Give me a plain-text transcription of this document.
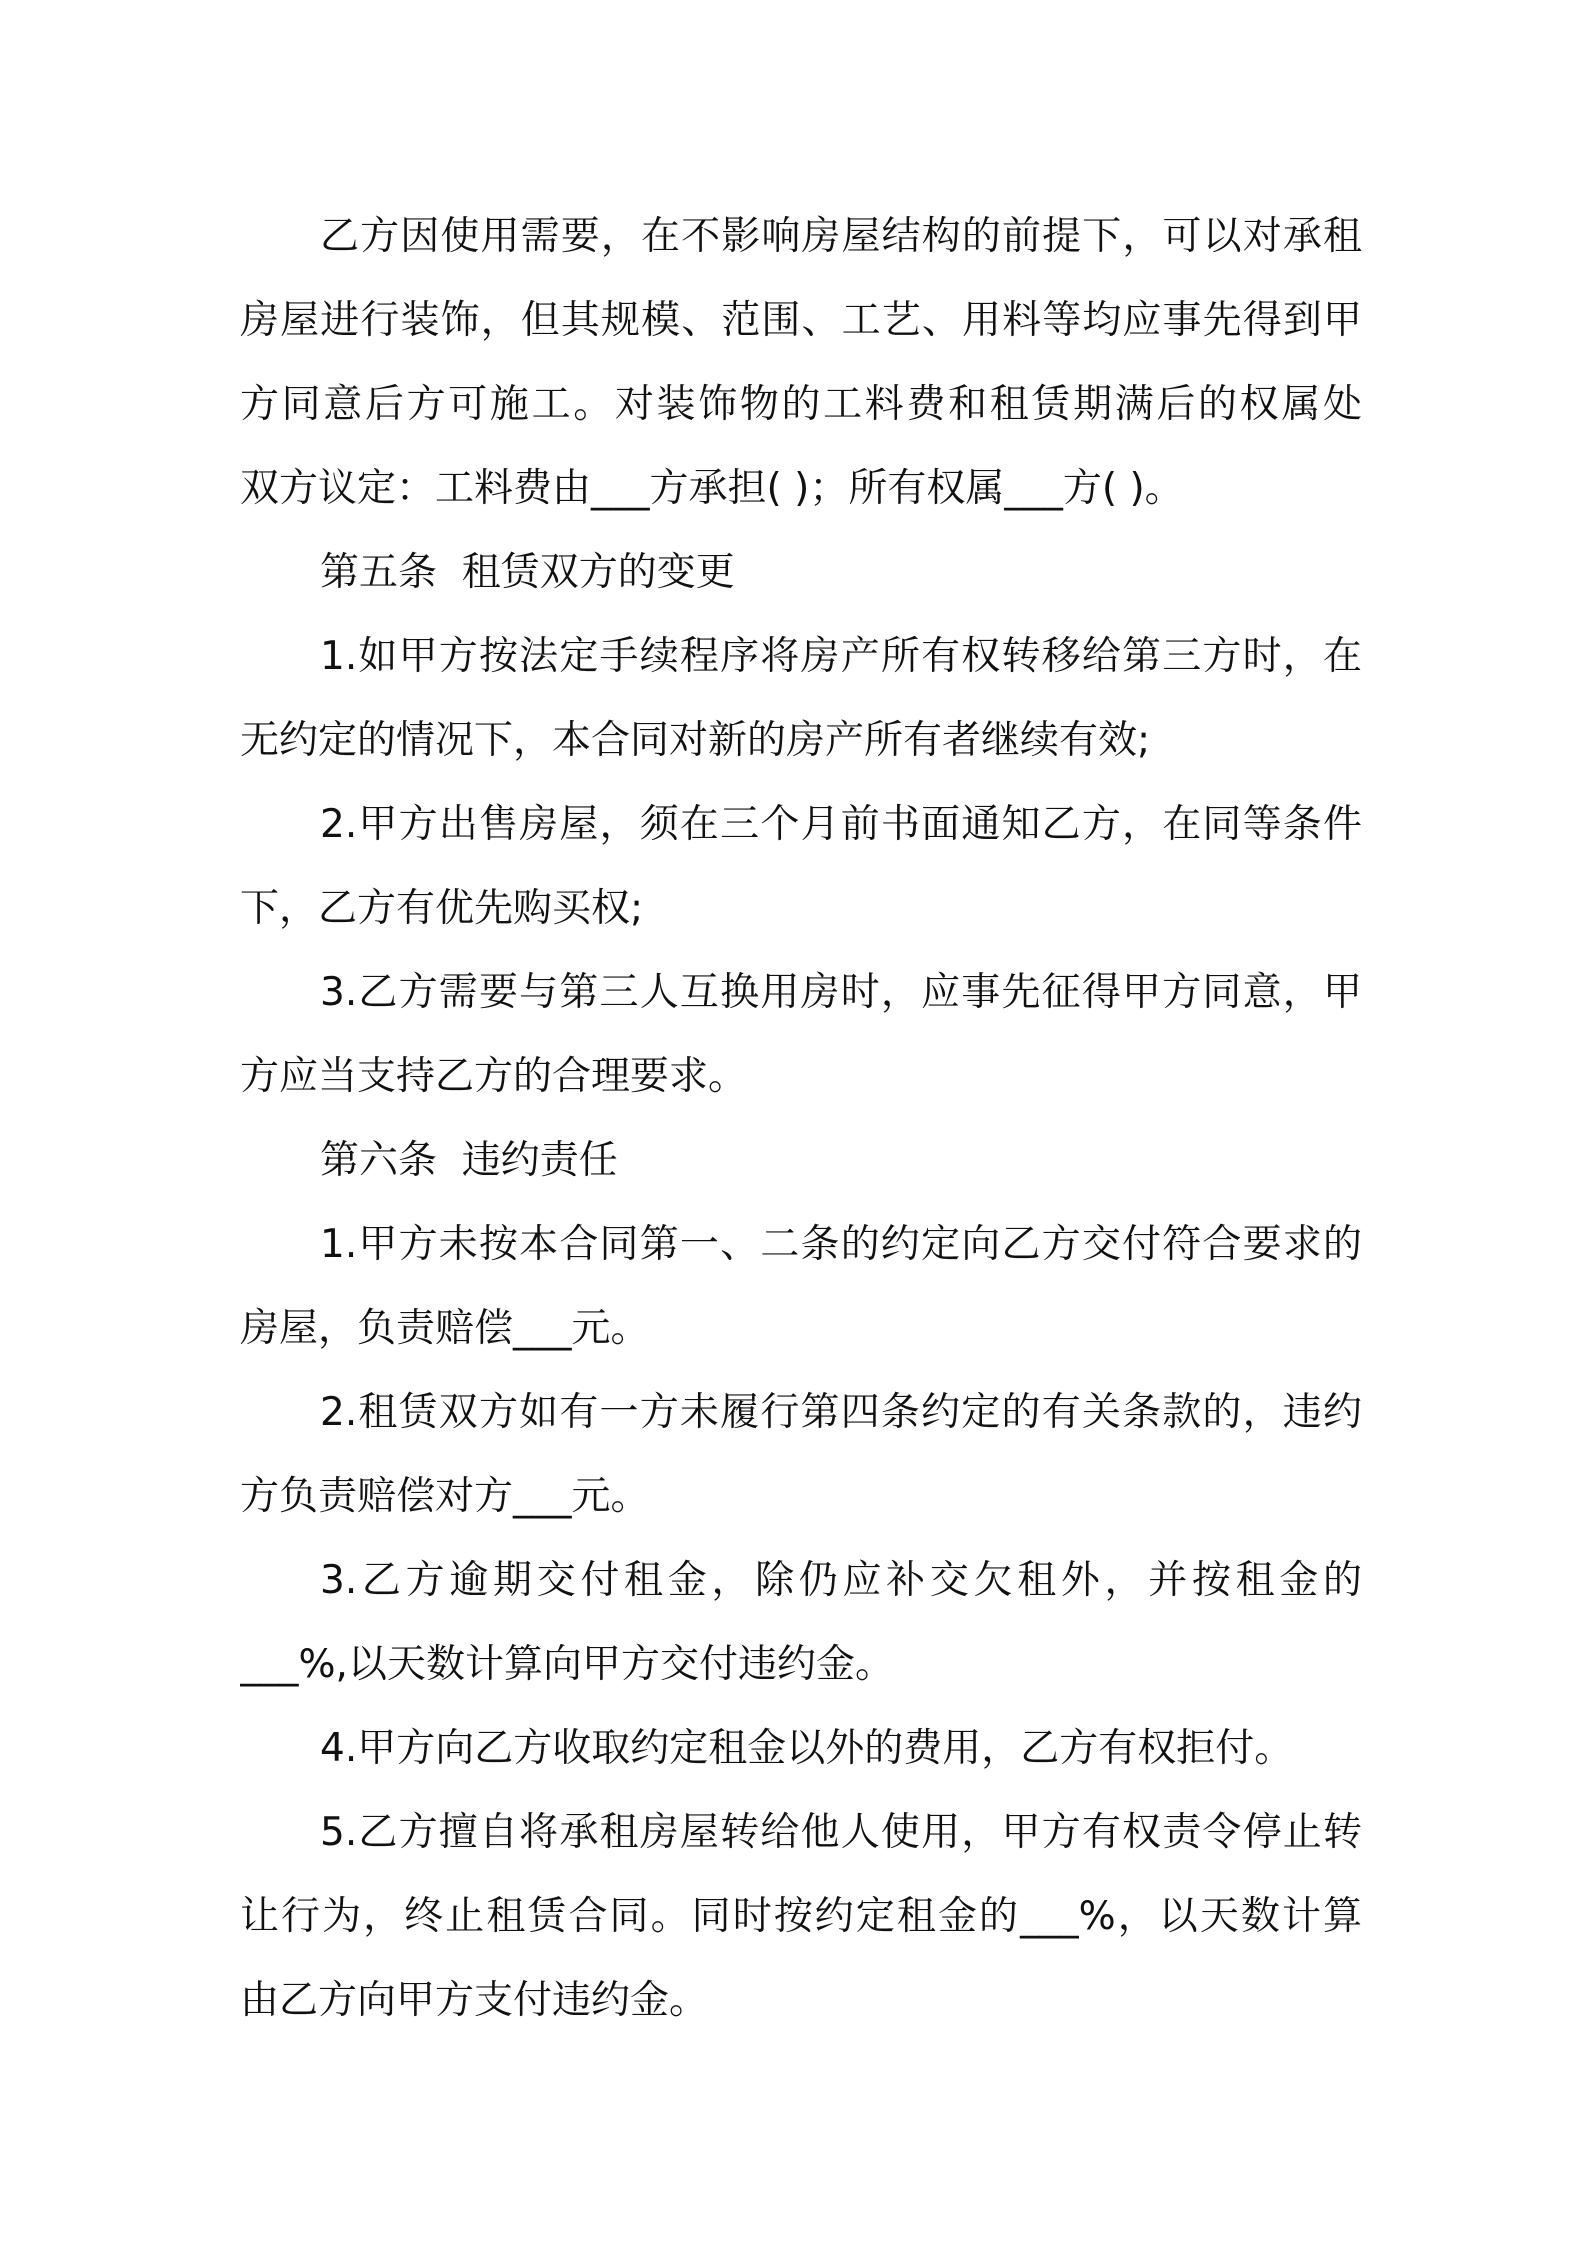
乙方因使用需要，在不影响房屋结构的前提下，可以对承租
房屋进行装饰，但其规模、范围、工艺、用料等均应事先得到甲
方同意后方可施工。对装饰物的工料费和租赁期满后的权属处
双方议定：工料费由___方承担( )；所有权属___方( )。
第五条  租赁双方的变更
1.如甲方按法定手续程序将房产所有权转移给第三方时，在
无约定的情况下，本合同对新的房产所有者继续有效;
2.甲方出售房屋，须在三个月前书面通知乙方，在同等条件
下，乙方有优先购买权;
3.乙方需要与第三人互换用房时，应事先征得甲方同意，甲
方应当支持乙方的合理要求。
第六条  违约责任
1.甲方未按本合同第一、二条的约定向乙方交付符合要求的
房屋，负责赔偿___元。
2.租赁双方如有一方未履行第四条约定的有关条款的，违约
方负责赔偿对方___元。
3.乙方逾期交付租金，除仍应补交欠租外，并按租金的
___%,以天数计算向甲方交付违约金。
4.甲方向乙方收取约定租金以外的费用，乙方有权拒付。
5.乙方擅自将承租房屋转给他人使用，甲方有权责令停止转
让行为，终止租赁合同。同时按约定租金的___%，以天数计算
由乙方向甲方支付违约金。
